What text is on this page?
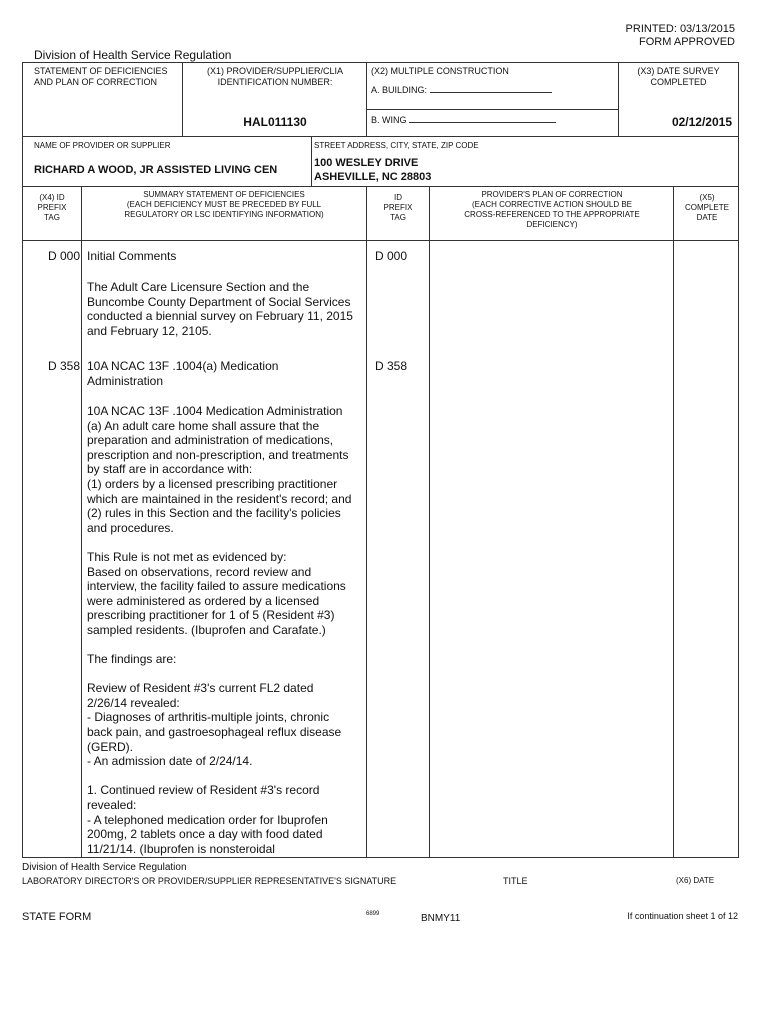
PRINTED: 03/13/2015
FORM APPROVED
Division of Health Service Regulation
STATEMENT OF DEFICIENCIES
AND PLAN OF CORRECTION
(X1) PROVIDER/SUPPLIER/CLIA
IDENTIFICATION NUMBER:
HAL011130
(X2) MULTIPLE CONSTRUCTION
A. BUILDING:
B. WING
(X3) DATE SURVEY
COMPLETED
02/12/2015
NAME OF PROVIDER OR SUPPLIER
RICHARD A WOOD, JR ASSISTED LIVING CEN
STREET ADDRESS, CITY, STATE, ZIP CODE
100 WESLEY DRIVE
ASHEVILLE, NC 28803
(X4) ID
PREFIX
TAG
SUMMARY STATEMENT OF DEFICIENCIES
(EACH DEFICIENCY MUST BE PRECEDED BY FULL
REGULATORY OR LSC IDENTIFYING INFORMATION)
ID
PREFIX
TAG
PROVIDER'S PLAN OF CORRECTION
(EACH CORRECTIVE ACTION SHOULD BE
CROSS-REFERENCED TO THE APPROPRIATE
DEFICIENCY)
(X5)
COMPLETE
DATE
D 000	D 000
Initial Comments
The Adult Care Licensure Section and the
Buncombe County Department of Social Services
conducted a biennial survey on February 11, 2015
and February 12, 2105.
D 358	D 358
10A NCAC 13F .1004(a) Medication
Administration
10A NCAC 13F .1004 Medication Administration
(a) An adult care home shall assure that the
preparation and administration of medications,
prescription and non-prescription, and treatments
by staff are in accordance with:
(1) orders by a licensed prescribing practitioner
which are maintained in the resident's record; and
(2) rules in this Section and the facility's policies
and procedures.

This Rule is not met as evidenced by:
Based on observations, record review and
interview, the facility failed to assure medications
were administered as ordered by a licensed
prescribing practitioner for 1 of 5 (Resident #3)
sampled residents. (Ibuprofen and Carafate.)

The findings are:

Review of Resident #3's current FL2 dated
2/26/14 revealed:
- Diagnoses of arthritis-multiple joints, chronic
back pain, and gastroesophageal reflux disease
(GERD).
- An admission date of 2/24/14.

1. Continued review of Resident #3's record
revealed:
- A telephoned medication order for Ibuprofen
200mg, 2 tablets once a day with food dated
11/21/14. (Ibuprofen is nonsteroidal
Division of Health Service Regulation
LABORATORY DIRECTOR'S OR PROVIDER/SUPPLIER REPRESENTATIVE'S SIGNATURE	TITLE	(X6) DATE
STATE FORM	6899	BNMY11	If continuation sheet 1 of 12
